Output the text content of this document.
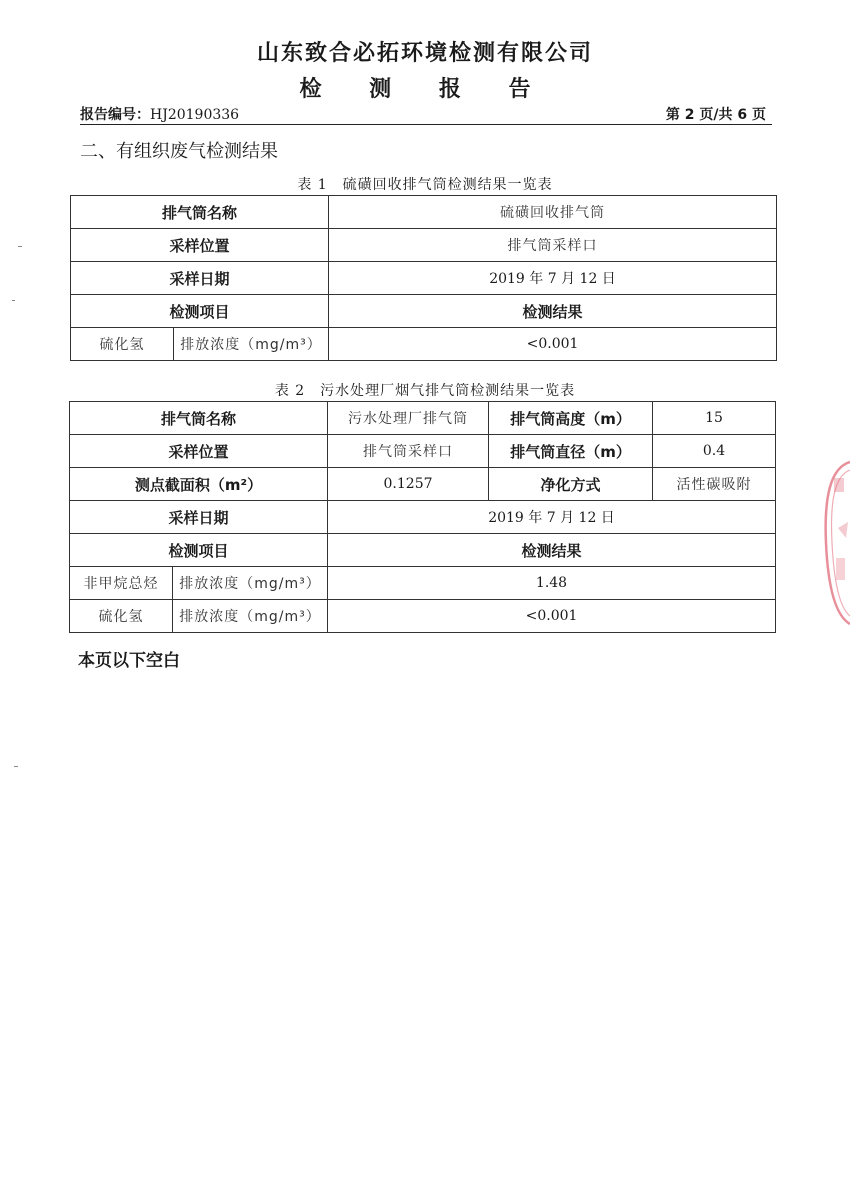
山东致合必拓环境检测有限公司
检 测 报 告
报告编号：HJ20190336	第 2 页/共 6 页
二、有组织废气检测结果
表 1　硫磺回收排气筒检测结果一览表
排气筒名称		硫磺回收排气筒
采样位置		排气筒采样口
采样日期		2019 年 7 月 12 日
检测项目		检测结果
硫化氢	排放浓度（mg/m³）	<0.001
表 2　污水处理厂烟气排气筒检测结果一览表
排气筒名称		污水处理厂排气筒	排气筒高度（m）	15
采样位置		排气筒采样口	排气筒直径（m）	0.4
测点截面积（m²）		0.1257	净化方式	活性碳吸附
采样日期		2019 年 7 月 12 日		
检测项目		检测结果		
非甲烷总烃	排放浓度（mg/m³）	1.48		
硫化氢	排放浓度（mg/m³）	<0.001		
本页以下空白
